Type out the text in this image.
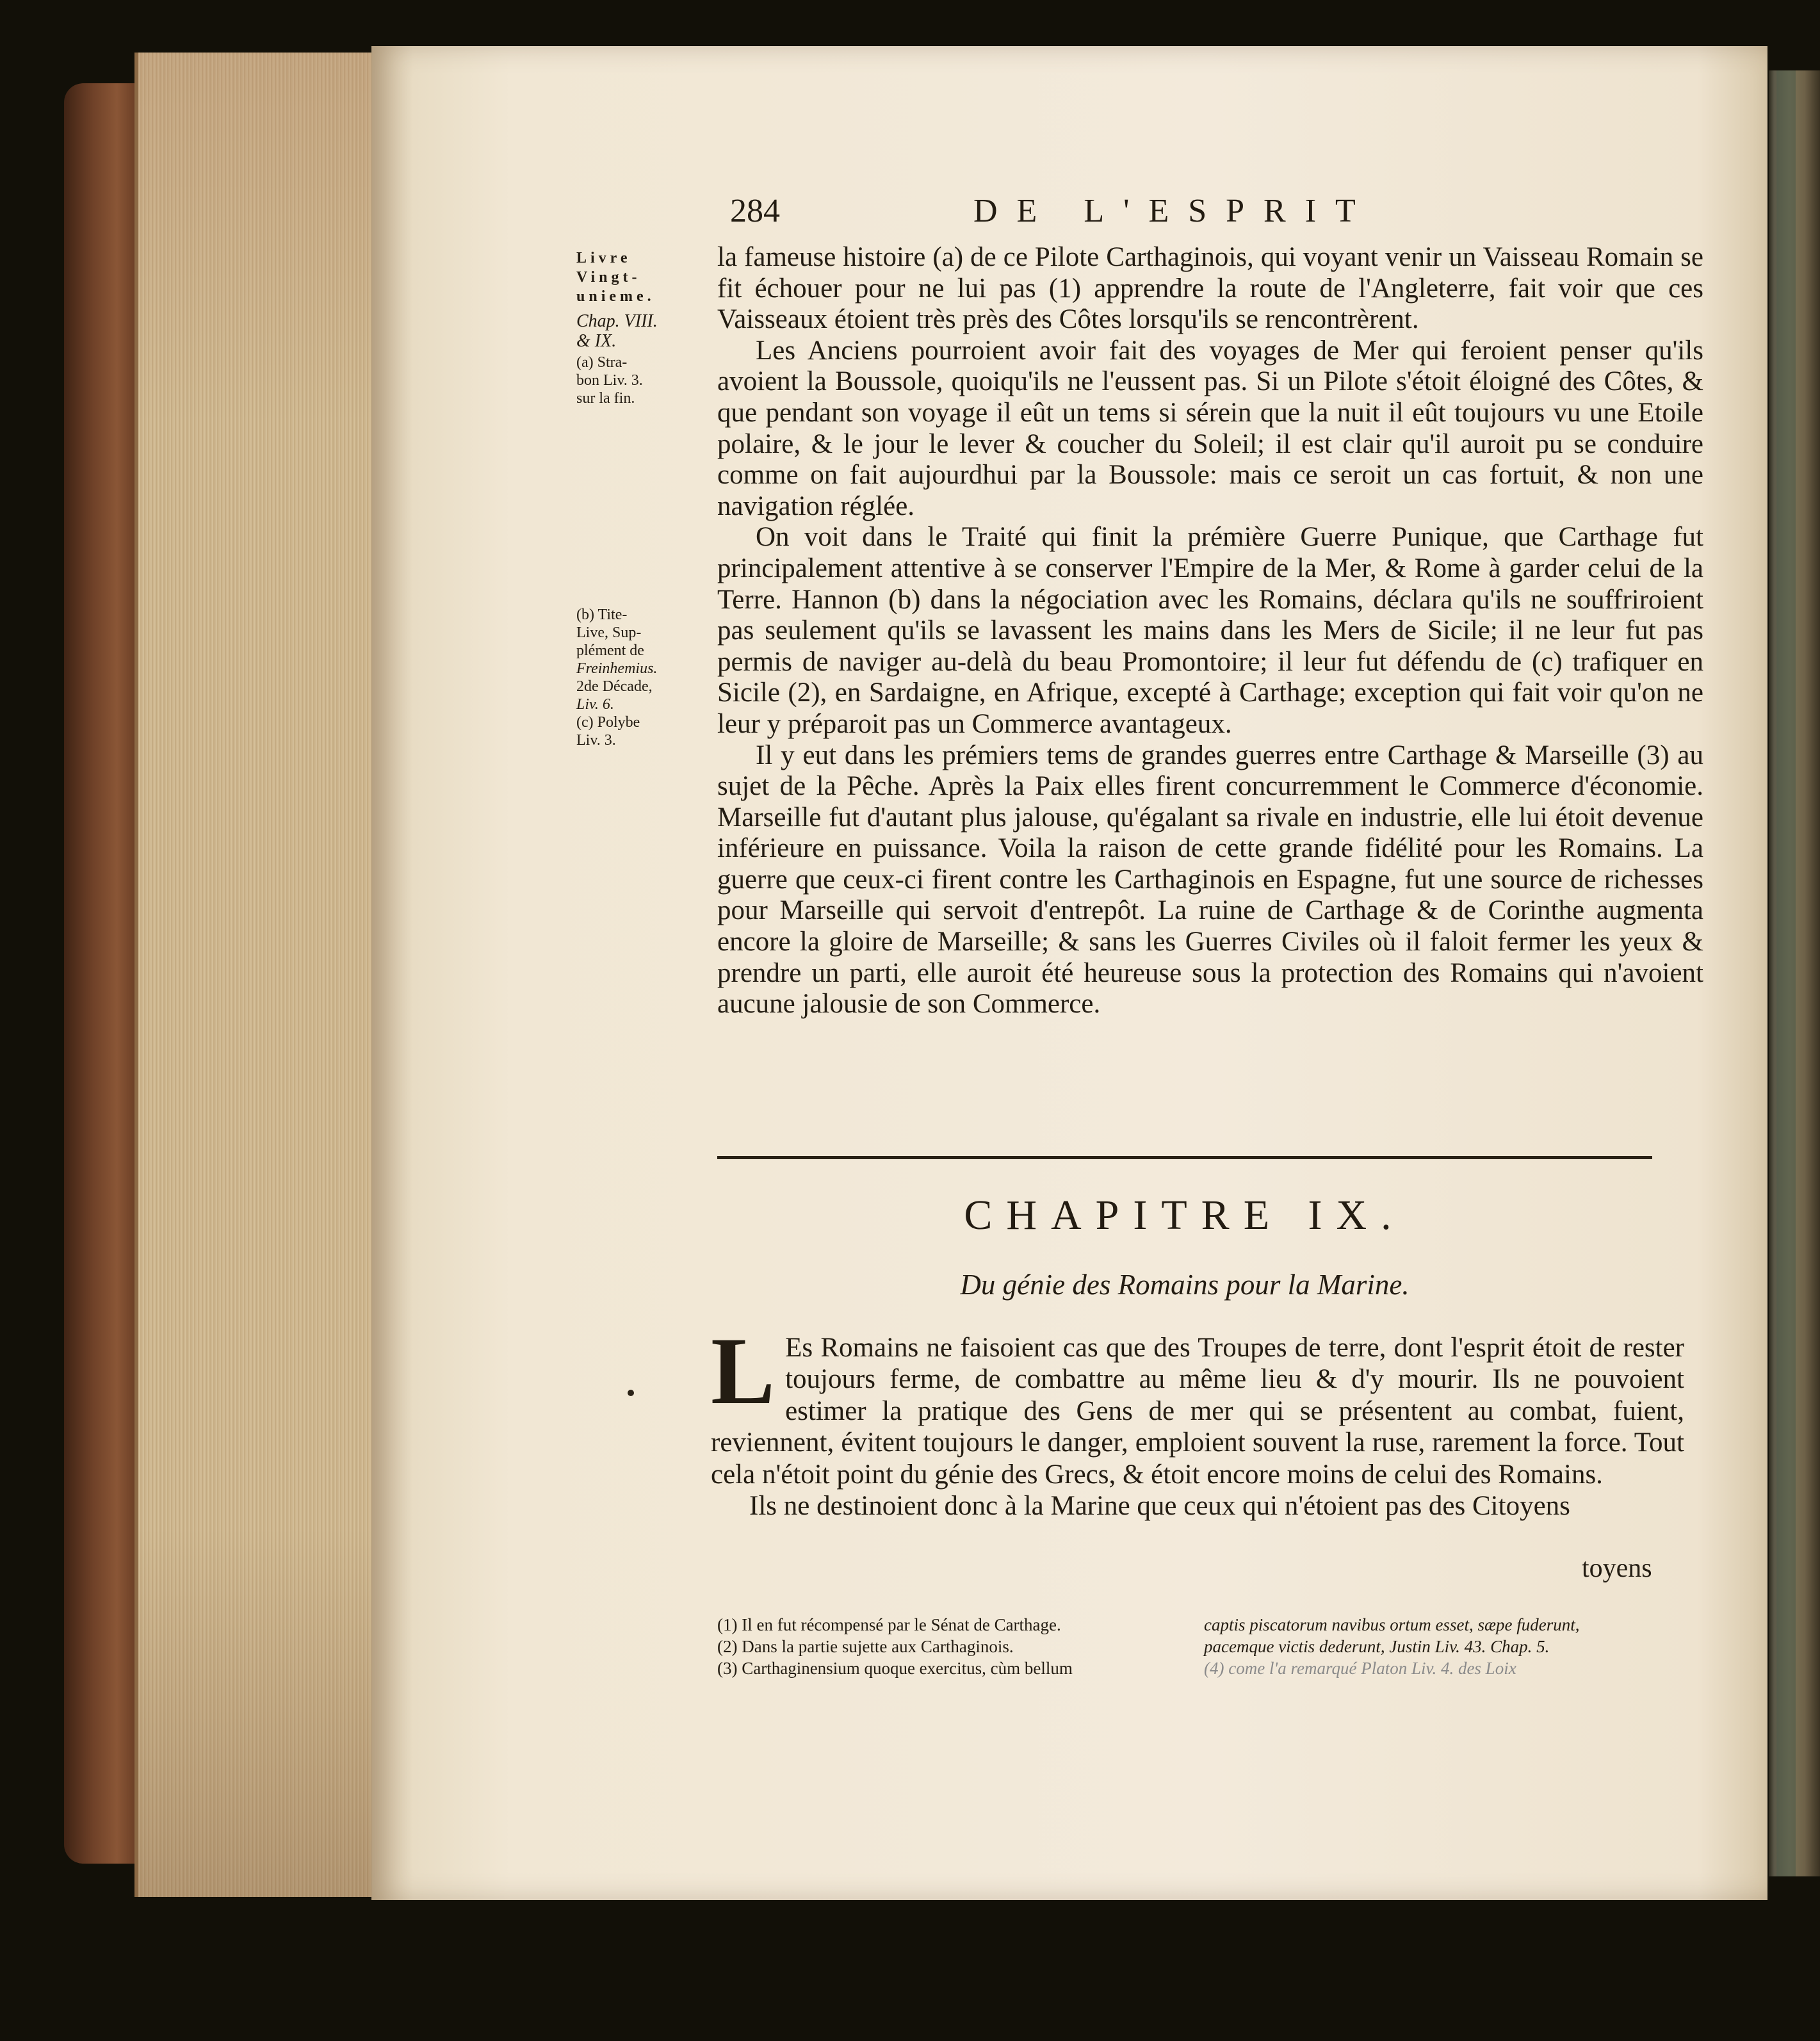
284	DE L'ESPRIT

Livre

Vingt-

unieme.

Chap. VIII.

& IX.

(a) Stra-

bon Liv. 3.

sur la fin.

(b) Tite-

Live, Sup-

plément de

Freinhemius.

2de Décade,

Liv. 6.

(c) Polybe

Liv. 3.

la fameuse histoire (a) de ce Pilote Carthaginois, qui voyant venir un Vaisseau Romain se fit échouer pour ne lui pas (1) apprendre la route de l'Angleterre, fait voir que ces Vaisseaux étoient très près des Côtes lorsqu'ils se rencontrèrent.

Les Anciens pourroient avoir fait des voyages de Mer qui feroient penser qu'ils avoient la Boussole, quoiqu'ils ne l'eussent pas. Si un Pilote s'étoit éloigné des Côtes, & que pendant son voyage il eût un tems si sérein que la nuit il eût toujours vu une Etoile polaire, & le jour le lever & coucher du Soleil; il est clair qu'il auroit pu se conduire comme on fait aujourdhui par la Boussole: mais ce seroit un cas fortuit, & non une navigation réglée.

On voit dans le Traité qui finit la prémière Guerre Punique, que Carthage fut principalement attentive à se conserver l'Empire de la Mer, & Rome à garder celui de la Terre. Hannon (b) dans la négociation avec les Romains, déclara qu'ils ne souffriroient pas seulement qu'ils se lavassent les mains dans les Mers de Sicile; il ne leur fut pas permis de naviger au-delà du beau Promontoire; il leur fut défendu de (c) trafiquer en Sicile (2), en Sardaigne, en Afrique, excepté à Carthage; exception qui fait voir qu'on ne leur y préparoit pas un Commerce avantageux.

Il y eut dans les prémiers tems de grandes guerres entre Carthage & Marseille (3) au sujet de la Pêche. Après la Paix elles firent concurremment le Commerce d'économie. Marseille fut d'autant plus jalouse, qu'égalant sa rivale en industrie, elle lui étoit devenue inférieure en puissance. Voila la raison de cette grande fidélité pour les Romains. La guerre que ceux-ci firent contre les Carthaginois en Espagne, fut une source de richesses pour Marseille qui servoit d'entrepôt. La ruine de Carthage & de Corinthe augmenta encore la gloire de Marseille; & sans les Guerres Civiles où il faloit fermer les yeux & prendre un parti, elle auroit été heureuse sous la protection des Romains qui n'avoient aucune jalousie de son Commerce.

CHAPITRE IX.
Du génie des Romains pour la Marine.

L Es Romains ne faisoient cas que des Troupes de terre, dont l'esprit étoit de rester toujours ferme, de combattre au même lieu & d'y mourir. Ils ne pouvoient estimer la pratique des Gens de mer qui se présentent au combat, fuient, reviennent, évitent toujours le danger, emploient souvent la ruse, rarement la force. Tout cela n'étoit point du génie des Grecs, & étoit encore moins de celui des Romains.

Ils ne destinoient donc à la Marine que ceux qui n'étoient pas des Citoyens

toyens

(1) Il en fut récompensé par le Sénat de Carthage.

(2) Dans la partie sujette aux Carthaginois.

(3) Carthaginensium quoque exercitus, cùm bellum

captis piscatorum navibus ortum esset, sæpe fuderunt,

pacemque victis dederunt, Justin Liv. 43. Chap. 5.

(4) come l'a remarqué Platon Liv. 4. des Loix
